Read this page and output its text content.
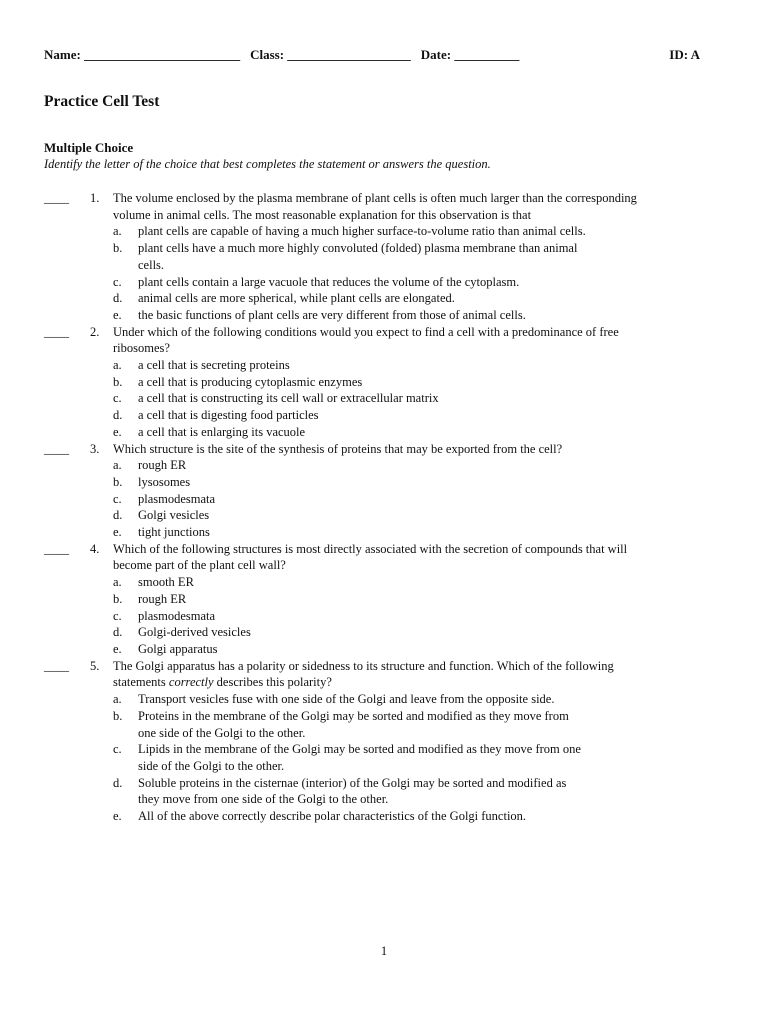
Name: ________________________ Class: ___________________ Date: __________	ID: A
Practice Cell Test
Multiple Choice
Identify the letter of the choice that best completes the statement or answers the question.
____ 1. The volume enclosed by the plasma membrane of plant cells is often much larger than the corresponding
volume in animal cells. The most reasonable explanation for this observation is that
a. plant cells are capable of having a much higher surface-to-volume ratio than animal cells.
b. plant cells have a much more highly convoluted (folded) plasma membrane than animal
cells.
c. plant cells contain a large vacuole that reduces the volume of the cytoplasm.
d. animal cells are more spherical, while plant cells are elongated.
e. the basic functions of plant cells are very different from those of animal cells.
____ 2. Under which of the following conditions would you expect to find a cell with a predominance of free
ribosomes?
a. a cell that is secreting proteins
b. a cell that is producing cytoplasmic enzymes
c. a cell that is constructing its cell wall or extracellular matrix
d. a cell that is digesting food particles
e. a cell that is enlarging its vacuole
____ 3. Which structure is the site of the synthesis of proteins that may be exported from the cell?
a. rough ER
b. lysosomes
c. plasmodesmata
d. Golgi vesicles
e. tight junctions
____ 4. Which of the following structures is most directly associated with the secretion of compounds that will
become part of the plant cell wall?
a. smooth ER
b. rough ER
c. plasmodesmata
d. Golgi-derived vesicles
e. Golgi apparatus
____ 5. The Golgi apparatus has a polarity or sidedness to its structure and function. Which of the following
statements correctly describes this polarity?
a. Transport vesicles fuse with one side of the Golgi and leave from the opposite side.
b. Proteins in the membrane of the Golgi may be sorted and modified as they move from
one side of the Golgi to the other.
c. Lipids in the membrane of the Golgi may be sorted and modified as they move from one
side of the Golgi to the other.
d. Soluble proteins in the cisternae (interior) of the Golgi may be sorted and modified as
they move from one side of the Golgi to the other.
e. All of the above correctly describe polar characteristics of the Golgi function.
1
